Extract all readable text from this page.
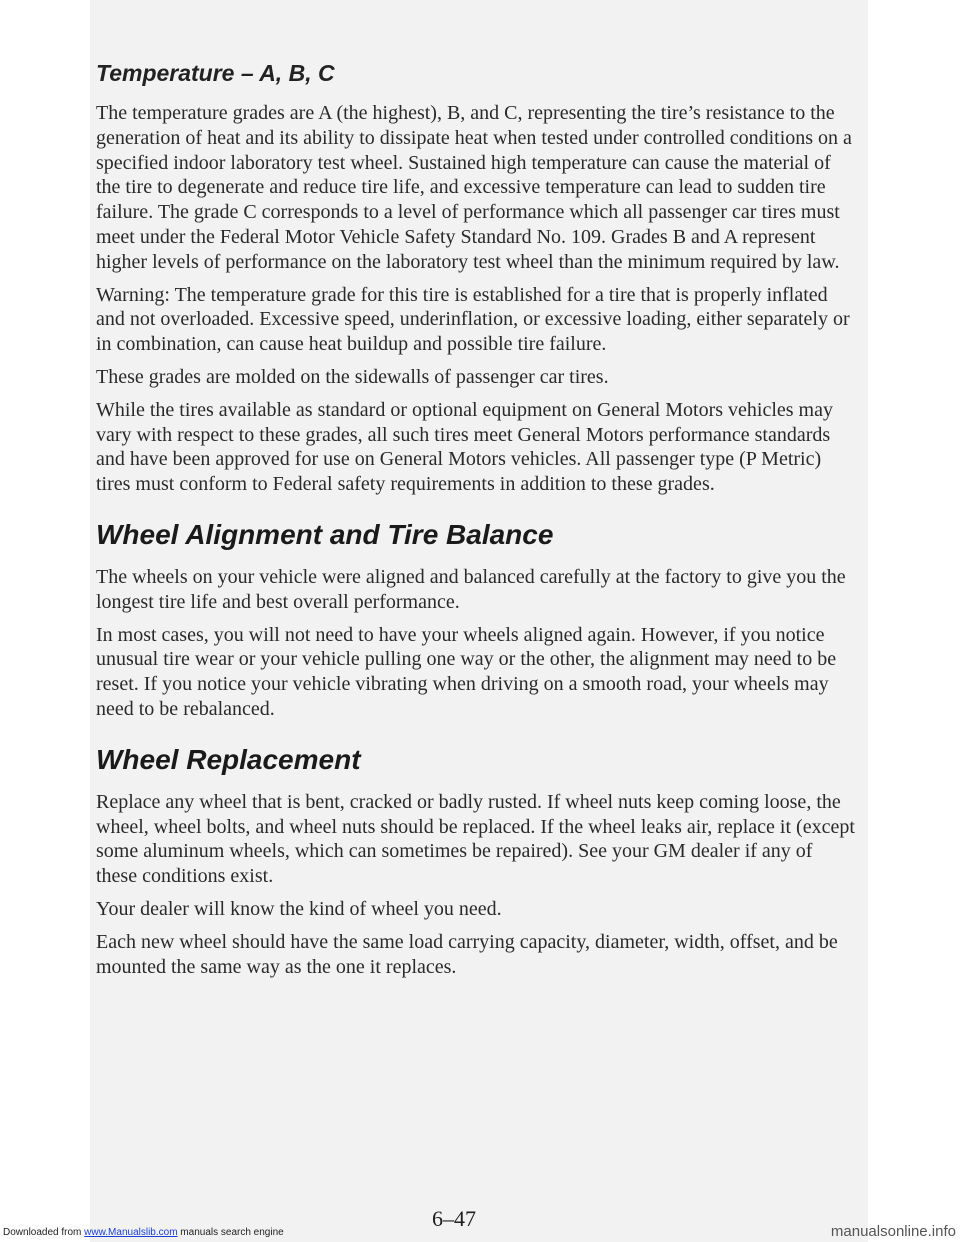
Temperature – A, B, C

The temperature grades are A (the highest), B, and C, representing the tire’s resistance to the generation of heat and its ability to dissipate heat when tested under controlled conditions on a specified indoor laboratory test wheel. Sustained high temperature can cause the material of the tire to degenerate and reduce tire life, and excessive temperature can lead to sudden tire failure. The grade C corresponds to a level of performance which all passenger car tires must meet under the Federal Motor Vehicle Safety Standard No. 109. Grades B and A represent higher levels of performance on the laboratory test wheel than the minimum required by law.

Warning: The temperature grade for this tire is established for a tire that is properly inflated and not overloaded. Excessive speed, underinflation, or excessive loading, either separately or in combination, can cause heat buildup and possible tire failure.

These grades are molded on the sidewalls of passenger car tires.

While the tires available as standard or optional equipment on General Motors vehicles may vary with respect to these grades, all such tires meet General Motors performance standards and have been approved for use on General Motors vehicles. All passenger type (P Metric) tires must conform to Federal safety requirements in addition to these grades.

Wheel Alignment and Tire Balance

The wheels on your vehicle were aligned and balanced carefully at the factory to give you the longest tire life and best overall performance.

In most cases, you will not need to have your wheels aligned again. However, if you notice unusual tire wear or your vehicle pulling one way or the other, the alignment may need to be reset. If you notice your vehicle vibrating when driving on a smooth road, your wheels may need to be rebalanced.

Wheel Replacement

Replace any wheel that is bent, cracked or badly rusted. If wheel nuts keep coming loose, the wheel, wheel bolts, and wheel nuts should be replaced. If the wheel leaks air, replace it (except some aluminum wheels, which can sometimes be repaired). See your GM dealer if any of these conditions exist.

Your dealer will know the kind of wheel you need.

Each new wheel should have the same load carrying capacity, diameter, width, offset, and be mounted the same way as the one it replaces.

6–47
Downloaded from www.Manualslib.com manuals search engine	manualsonline.info
